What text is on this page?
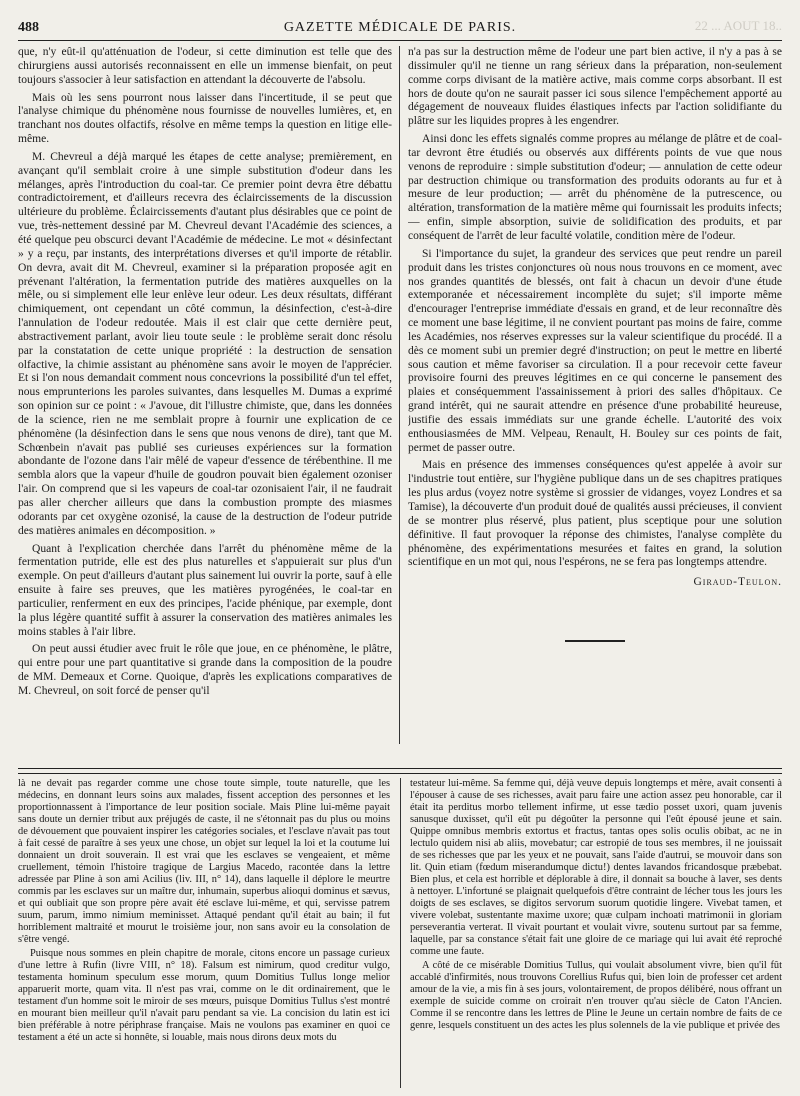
488	GAZETTE MÉDICALE DE PARIS.	22 ... AOUT 18..

que, n'y eût-il qu'atténuation de l'odeur, si cette diminution est telle que des chirurgiens aussi autorisés reconnaissent en elle un immense bienfait, on peut toujours s'associer à leur satisfaction en attendant la découverte de l'absolu.

Mais où les sens pourront nous laisser dans l'incertitude, il se peut que l'analyse chimique du phénomène nous fournisse de nouvelles lumières, et, en tranchant nos doutes olfactifs, résolve en même temps la question en litige elle-même.

M. Chevreul a déjà marqué les étapes de cette analyse; premièrement, en avançant qu'il semblait croire à une simple substitution d'odeur dans les mélanges, après l'introduction du coal-tar. Ce premier point devra être débattu contradictoirement, et d'ailleurs recevra des éclaircissements de la discussion ultérieure du problème. Éclaircissements d'autant plus désirables que ce point de vue, très-nettement dessiné par M. Chevreul devant l'Académie des sciences, a été quelque peu obscurci devant l'Académie de médecine. Le mot « désinfectant » y a reçu, par instants, des interprétations diverses et qu'il importe de rétablir. On devra, avait dit M. Chevreul, examiner si la préparation proposée agit en prévenant l'altération, la fermentation putride des matières auxquelles on la mêle, ou si simplement elle leur enlève leur odeur. Les deux résultats, différant chimiquement, ont cependant un côté commun, la désinfection, c'est-à-dire l'annulation de l'odeur redoutée. Mais il est clair que cette dernière peut, abstractivement parlant, avoir lieu toute seule : le problème serait donc résolu par la constatation de cette unique propriété : la destruction de sensation olfactive, la chimie assistant au phénomène sans avoir le moyen de l'apprécier. Et si l'on nous demandait comment nous concevrions la possibilité d'un tel effet, nous emprunterions les paroles suivantes, dans lesquelles M. Dumas a exprimé son opinion sur ce point : « J'avoue, dit l'illustre chimiste, que, dans les données de la science, rien ne me semblait propre à fournir une explication de ce phénomène (la désinfection dans le sens que nous venons de dire), tant que M. Schœnbein n'avait pas publié ses curieuses expériences sur la formation abondante de l'ozone dans l'air mêlé de vapeur d'essence de térébenthine. Il me sembla alors que la vapeur d'huile de goudron pouvait bien également ozoniser l'air. On comprend que si les vapeurs de coal-tar ozonisaient l'air, il ne faudrait pas aller chercher ailleurs que dans la combustion prompte des miasmes odorants par cet oxygène ozonisé, la cause de la destruction de l'odeur putride des matières animales en décomposition. »

Quant à l'explication cherchée dans l'arrêt du phénomène même de la fermentation putride, elle est des plus naturelles et s'appuierait sur plus d'un exemple. On peut d'ailleurs d'autant plus sainement lui ouvrir la porte, sauf à elle ensuite à faire ses preuves, que les matières pyrogénées, le coal-tar en particulier, renferment en eux des principes, l'acide phénique, par exemple, dont la plus légère quantité suffit à assurer la conservation des matières animales les moins stables à l'air libre.

On peut aussi étudier avec fruit le rôle que joue, en ce phénomène, le plâtre, qui entre pour une part quantitative si grande dans la composition de la poudre de MM. Demeaux et Corne. Quoique, d'après les explications comparatives de M. Chevreul, on soit forcé de penser qu'il

n'a pas sur la destruction même de l'odeur une part bien active, il n'y a pas à se dissimuler qu'il ne tienne un rang sérieux dans la préparation, non-seulement comme corps divisant de la matière active, mais comme corps absorbant. Il est hors de doute qu'on ne saurait passer ici sous silence l'empêchement apporté au dégagement de nouveaux fluides élastiques infects par l'action solidifiante du plâtre sur les liquides propres à les engendrer.

Ainsi donc les effets signalés comme propres au mélange de plâtre et de coal-tar devront être étudiés ou observés aux différents points de vue que nous venons de reproduire : simple substitution d'odeur; — annulation de cette odeur par destruction chimique ou transformation des produits odorants au fur et à mesure de leur production; — arrêt du phénomène de la putrescence, ou altération, transformation de la matière même qui fournissait les produits infects; — enfin, simple absorption, suivie de solidification des produits, et par conséquent de l'arrêt de leur faculté volatile, condition mère de l'odeur.

Si l'importance du sujet, la grandeur des services que peut rendre un pareil produit dans les tristes conjonctures où nous nous trouvons en ce moment, avec nos grandes quantités de blessés, ont fait à chacun un devoir d'une étude extemporanée et nécessairement incomplète du sujet; s'il importe même d'encourager l'entreprise immédiate d'essais en grand, et de leur reconnaître dès ce moment une base légitime, il ne convient pourtant pas moins de faire, comme les Académies, nos réserves expresses sur la valeur scientifique du procédé. Il a dès ce moment subi un premier degré d'instruction; on peut le mettre en liberté sous caution et même favoriser sa circulation. Il a pour recevoir cette faveur provisoire fourni des preuves légitimes en ce qui concerne le pansement des plaies et conséquemment l'assainissement à priori des salles d'hôpitaux. Ce grand intérêt, qui ne saurait attendre en présence d'une probabilité heureuse, justifie des essais immédiats sur une grande échelle. L'autorité des voix enthousiasmées de MM. Velpeau, Renault, H. Bouley sur ces points de fait, permet de passer outre.

Mais en présence des immenses conséquences qu'est appelée à avoir sur l'industrie tout entière, sur l'hygiène publique dans un de ses chapitres pratiques les plus ardus (voyez notre système si grossier de vidanges, voyez Londres et sa Tamise), la découverte d'un produit doué de qualités aussi précieuses, il convient de se montrer plus réservé, plus patient, plus sceptique pour une solution définitive. Il faut provoquer la réponse des chimistes, l'analyse complète du phénomène, des expérimentations mesurées et faites en grand, la solution scientifique en un mot qui, nous l'espérons, ne se fera pas longtemps attendre.

Giraud-Teulon.

là ne devait pas regarder comme une chose toute simple, toute naturelle, que les médecins, en donnant leurs soins aux malades, fissent acception des personnes et les proportionnassent à l'importance de leur position sociale. Mais Pline lui-même payait sans doute un dernier tribut aux préjugés de caste, il ne s'étonnait pas du plus ou moins de dévouement que pouvaient inspirer les catégories sociales, et l'esclave n'avait pas tout à fait cessé de paraître à ses yeux une chose, un objet sur lequel la loi et la coutume lui donnaient un droit souverain. Il est vrai que les esclaves se vengeaient, et même cruellement, témoin l'histoire tragique de Largius Macedo, racontée dans la lettre adressée par Pline à son ami Acilius (liv. III, n° 14), dans laquelle il déplore le meurtre commis par les esclaves sur un maître dur, inhumain, superbus alioqui dominus et sævus, et qui oubliait que son propre père avait été esclave lui-même, et qui, servisse patrem suum, parum, immo nimium meminisset. Attaqué pendant qu'il était au bain; il fut horriblement maltraité et mourut le troisième jour, non sans avoir eu la consolation de s'être vengé.

Puisque nous sommes en plein chapitre de morale, citons encore un passage curieux d'une lettre à Rufin (livre VIII, n° 18). Falsum est nimirum, quod creditur vulgo, testamenta hominum speculum esse morum, quum Domitius Tullus longe melior apparuerit morte, quam vita. Il n'est pas vrai, comme on le dit ordinairement, que le testament d'un homme soit le miroir de ses mœurs, puisque Domitius Tullus s'est montré en mourant bien meilleur qu'il n'avait paru pendant sa vie. La concision du latin est ici bien préférable à notre périphrase française. Mais ne voulons pas examiner en quoi ce testament a été un acte si honnête, si louable, mais nous dirons deux mots du

testateur lui-même. Sa femme qui, déjà veuve depuis longtemps et mère, avait consenti à l'épouser à cause de ses richesses, avait paru faire une action assez peu honorable, car il était ita perditus morbo tellement infirme, ut esse tædio posset uxori, quam juvenis sanusque duxisset, qu'il eût pu dégoûter la personne qui l'eût épousé jeune et sain. Quippe omnibus membris extortus et fractus, tantas opes solis oculis obibat, ac ne in lectulo quidem nisi ab aliis, movebatur; car estropié de tous ses membres, il ne jouissait de ses richesses que par les yeux et ne pouvait, sans l'aide d'autrui, se mouvoir dans son lit. Quin etiam (fœdum miserandumque dictu!) dentes lavandos fricandosque præbebat. Bien plus, et cela est horrible et déplorable à dire, il donnait sa bouche à laver, ses dents à nettoyer. L'infortuné se plaignait quelquefois d'être contraint de lécher tous les jours les doigts de ses esclaves, se digitos servorum suorum quotidie lingere. Vivebat tamen, et vivere volebat, sustentante maxime uxore; quæ culpam inchoati matrimonii in gloriam perseverantia verterat. Il vivait pourtant et voulait vivre, soutenu surtout par sa femme, laquelle, par sa constance s'était fait une gloire de ce mariage qui lui avait été reproché comme une faute.

A côté de ce misérable Domitius Tullus, qui voulait absolument vivre, bien qu'il fût accablé d'infirmités, nous trouvons Corellius Rufus qui, bien loin de professer cet ardent amour de la vie, a mis fin à ses jours, volontairement, de propos délibéré, nous offrant un exemple de suicide comme on croirait n'en trouver qu'au siècle de Caton l'Ancien. Comme il se rencontre dans les lettres de Pline le Jeune un certain nombre de faits de ce genre, lesquels constituent un des actes les plus solennels de la vie publique et privée des
